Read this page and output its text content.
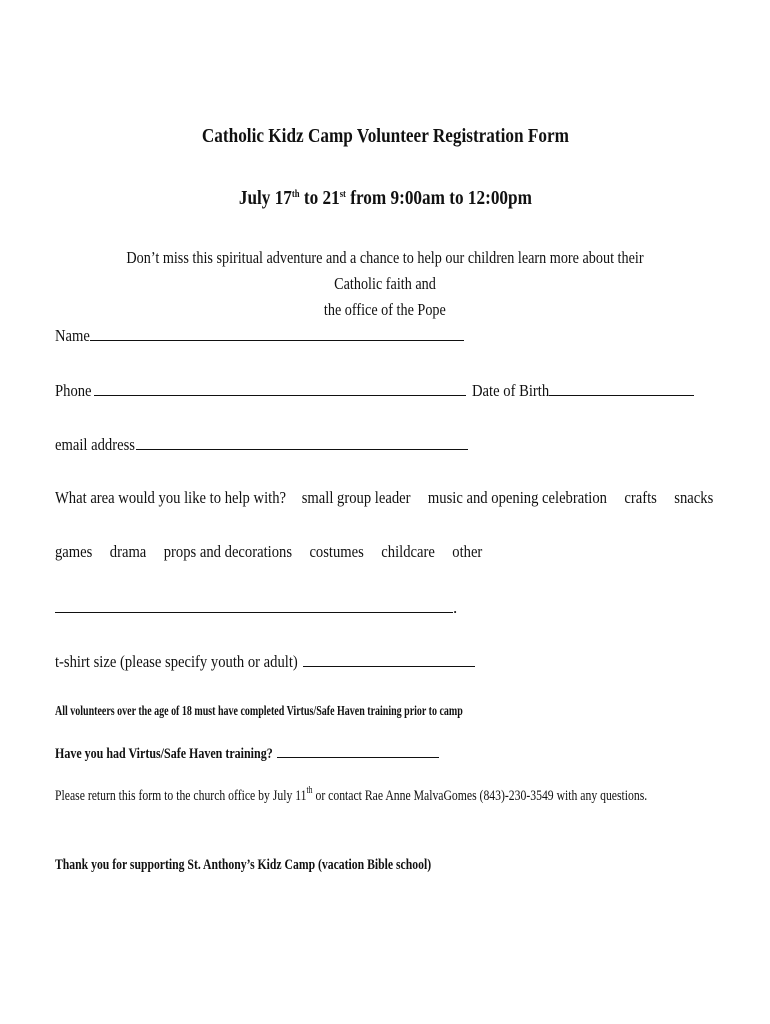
Catholic Kidz Camp Volunteer Registration Form
July 17th to 21st from 9:00am to 12:00pm
Don’t miss this spiritual adventure and a chance to help our children learn more about their Catholic faith and
the office of the Pope
Name
Phone	Date of Birth
email address
What area would you like to help with? small group leader music and opening celebration crafts snacks
games drama props and decorations costumes childcare other
.
t-shirt size (please specify youth or adult)
All volunteers over the age of 18 must have completed Virtus/Safe Haven training prior to camp
Have you had Virtus/Safe Haven training?
Please return this form to the church office by July 11th or contact Rae Anne MalvaGomes (843)-230-3549 with any questions.
Thank you for supporting St. Anthony’s Kidz Camp (vacation Bible school)
